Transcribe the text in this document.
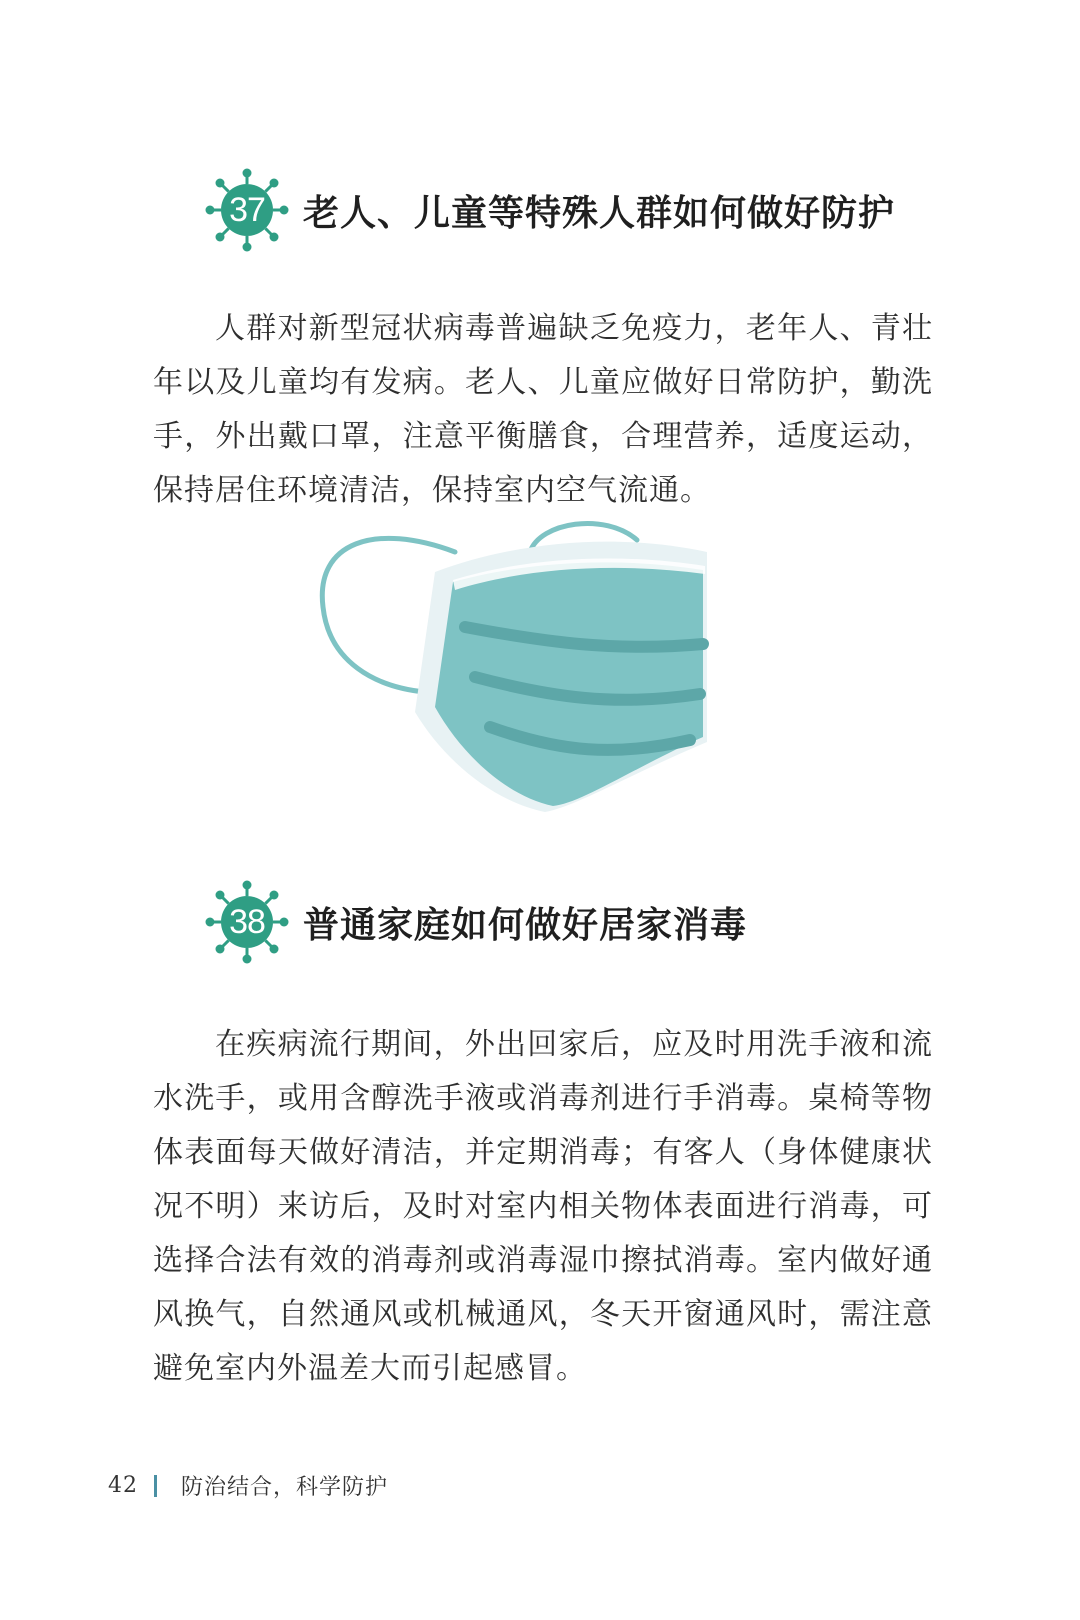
37	老人、儿童等特殊人群如何做好防护

人群对新型冠状病毒普遍缺乏免疫力，老年人、青壮年以及儿童均有发病。老人、儿童应做好日常防护，勤洗手，外出戴口罩，注意平衡膳食，合理营养，适度运动，保持居住环境清洁，保持室内空气流通。

38	普通家庭如何做好居家消毒

在疾病流行期间，外出回家后，应及时用洗手液和流水洗手，或用含醇洗手液或消毒剂进行手消毒。桌椅等物体表面每天做好清洁，并定期消毒；有客人（身体健康状况不明）来访后，及时对室内相关物体表面进行消毒，可选择合法有效的消毒剂或消毒湿巾擦拭消毒。室内做好通风换气，自然通风或机械通风，冬天开窗通风时，需注意避免室内外温差大而引起感冒。

42 防治结合，科学防护
